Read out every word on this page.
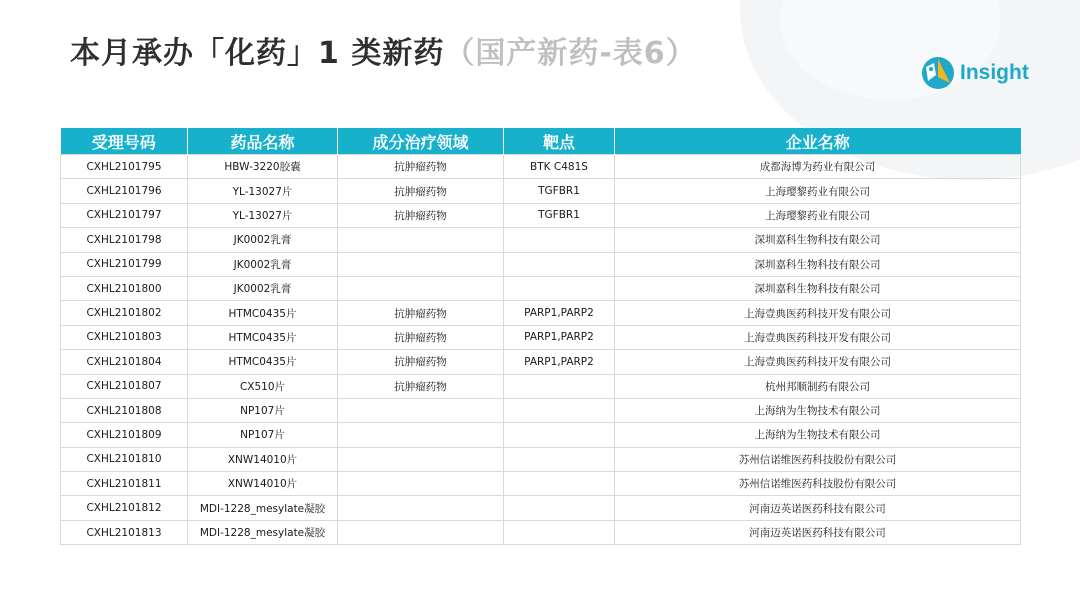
本月承办「化药」1 类新药（国产新药-表6）
Insight
受理号码	药品名称	成分治疗领域	靶点	企业名称
CXHL2101795	HBW-3220胶囊	抗肿瘤药物	BTK C481S	成都海博为药业有限公司
CXHL2101796	YL-13027片	抗肿瘤药物	TGFBR1	上海璎黎药业有限公司
CXHL2101797	YL-13027片	抗肿瘤药物	TGFBR1	上海璎黎药业有限公司
CXHL2101798	JK0002乳膏			深圳嘉科生物科技有限公司
CXHL2101799	JK0002乳膏			深圳嘉科生物科技有限公司
CXHL2101800	JK0002乳膏			深圳嘉科生物科技有限公司
CXHL2101802	HTMC0435片	抗肿瘤药物	PARP1,PARP2	上海壹典医药科技开发有限公司
CXHL2101803	HTMC0435片	抗肿瘤药物	PARP1,PARP2	上海壹典医药科技开发有限公司
CXHL2101804	HTMC0435片	抗肿瘤药物	PARP1,PARP2	上海壹典医药科技开发有限公司
CXHL2101807	CX510片	抗肿瘤药物		杭州邦顺制药有限公司
CXHL2101808	NP107片			上海纳为生物技术有限公司
CXHL2101809	NP107片			上海纳为生物技术有限公司
CXHL2101810	XNW14010片			苏州信诺维医药科技股份有限公司
CXHL2101811	XNW14010片			苏州信诺维医药科技股份有限公司
CXHL2101812	MDI-1228_mesylate凝胶			河南迈英诺医药科技有限公司
CXHL2101813	MDI-1228_mesylate凝胶			河南迈英诺医药科技有限公司
